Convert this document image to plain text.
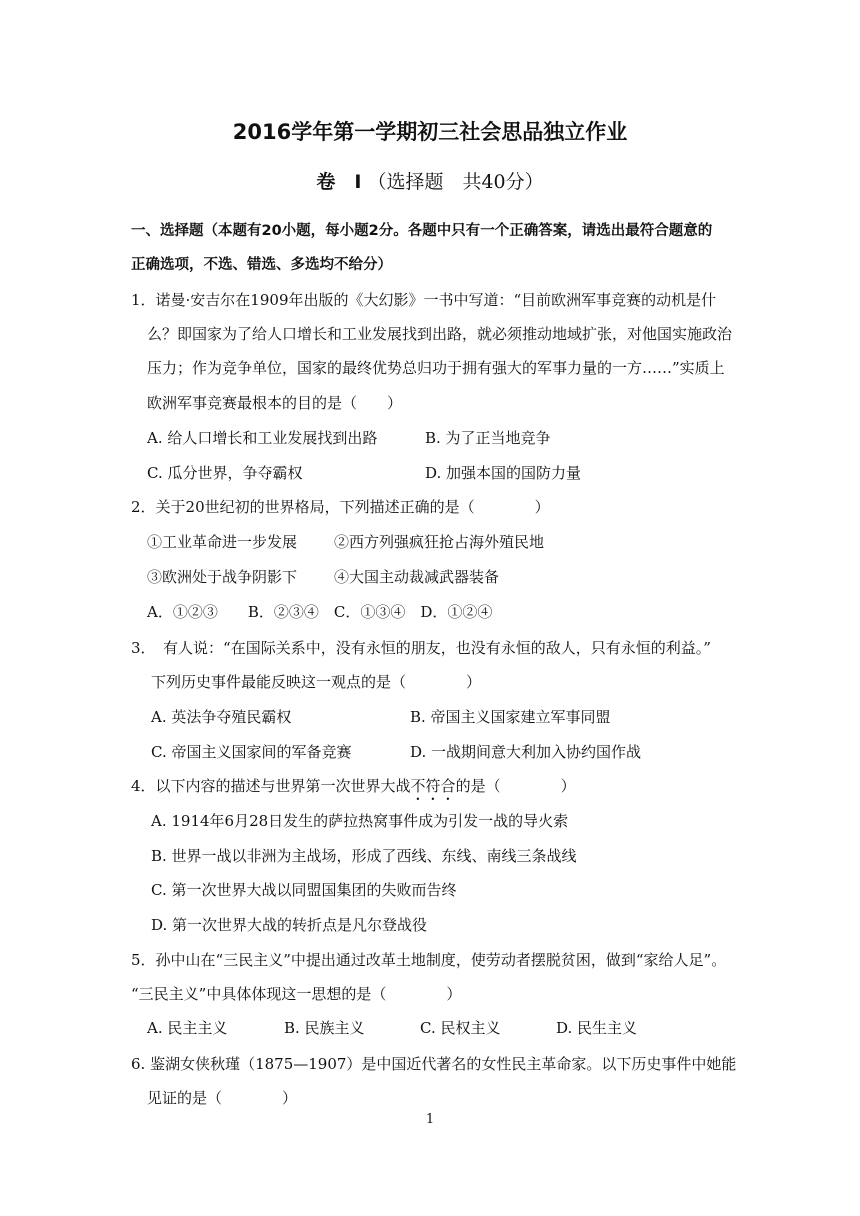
2016学年第一学期初三社会思品独立作业
卷　Ⅰ （选择题　共40分）
一、选择题（本题有20小题，每小题2分。各题中只有一个正确答案，请选出最符合题意的
正确选项，不选、错选、多选均不给分）
1．诺曼·安吉尔在1909年出版的《大幻影》一书中写道：“目前欧洲军事竞赛的动机是什
么？即国家为了给人口增长和工业发展找到出路，就必须推动地域扩张，对他国实施政治
压力；作为竞争单位，国家的最终优势总归功于拥有强大的军事力量的一方……”实质上
欧洲军事竞赛最根本的目的是（　　）
A. 给人口增长和工业发展找到出路	B. 为了正当地竞争
C. 瓜分世界，争夺霸权	D. 加强本国的国防力量
2．关于20世纪初的世界格局，下列描述正确的是（　　　　）
①工业革命进一步发展 ②西方列强疯狂抢占海外殖民地
③欧洲处于战争阴影下 ④大国主动裁减武器装备
A．①②③　　B．②③④　C．①③④　D．①②④
3．　有人说：“在国际关系中，没有永恒的朋友，也没有永恒的敌人，只有永恒的利益。”
下列历史事件最能反映这一观点的是（　　　　）
A. 英法争夺殖民霸权	B. 帝国主义国家建立军事同盟
C. 帝国主义国家间的军备竞赛	D. 一战期间意大利加入协约国作战
4．以下内容的描述与世界第一次世界大战不符合的是（　　　　）
A. 1914年6月28日发生的萨拉热窝事件成为引发一战的导火索
B. 世界一战以非洲为主战场，形成了西线、东线、南线三条战线
C. 第一次世界大战以同盟国集团的失败而告终
D. 第一次世界大战的转折点是凡尔登战役
5．孙中山在“三民主义”中提出通过改革土地制度，使劳动者摆脱贫困，做到“家给人足”。
“三民主义”中具体体现这一思想的是（　　　　）
A. 民主主义	B. 民族主义	C. 民权主义	D. 民生主义
6. 鉴湖女侠秋瑾（1875—1907）是中国近代著名的女性民主革命家。以下历史事件中她能
见证的是（　　　　）
1
